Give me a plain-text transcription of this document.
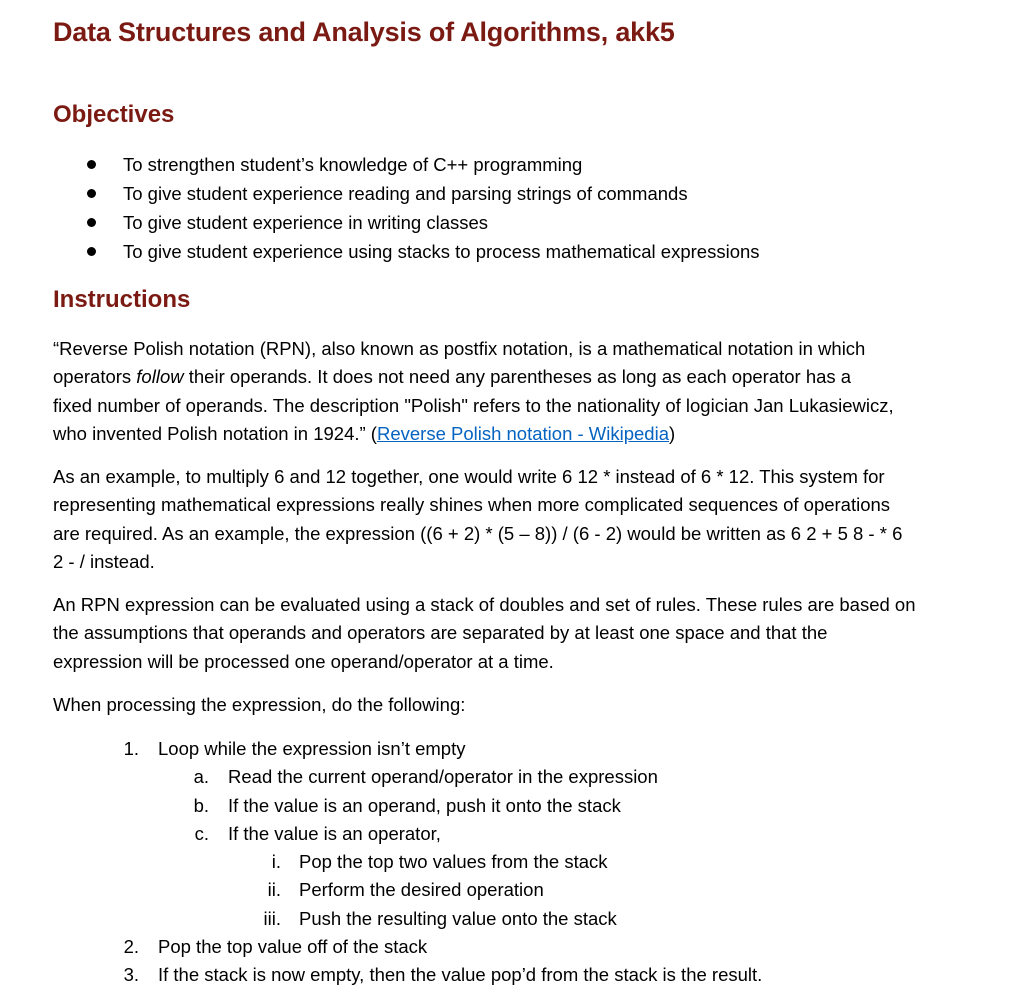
Data Structures and Analysis of Algorithms, akk5
Objectives
To strengthen student’s knowledge of C++ programming
To give student experience reading and parsing strings of commands
To give student experience in writing classes
To give student experience using stacks to process mathematical expressions
Instructions

“Reverse Polish notation (RPN), also known as postfix notation, is a mathematical notation in which
operators follow their operands. It does not need any parentheses as long as each operator has a
fixed number of operands. The description "Polish" refers to the nationality of logician Jan Lukasiewicz,
who invented Polish notation in 1924.” (Reverse Polish notation - Wikipedia)

As an example, to multiply 6 and 12 together, one would write 6 12 * instead of 6 * 12. This system for
representing mathematical expressions really shines when more complicated sequences of operations
are required. As an example, the expression ((6 + 2) * (5 – 8)) / (6 - 2) would be written as 6 2 + 5 8 - * 6
2 - / instead.

An RPN expression can be evaluated using a stack of doubles and set of rules. These rules are based on
the assumptions that operands and operators are separated by at least one space and that the
expression will be processed one operand/operator at a time.

When processing the expression, do the following:

1. Loop while the expression isn’t empty
a. Read the current operand/operator in the expression
b. If the value is an operand, push it onto the stack
c. If the value is an operator,
i. Pop the top two values from the stack
ii. Perform the desired operation
iii. Push the resulting value onto the stack
2. Pop the top value off of the stack
3. If the stack is now empty, then the value pop’d from the stack is the result.
